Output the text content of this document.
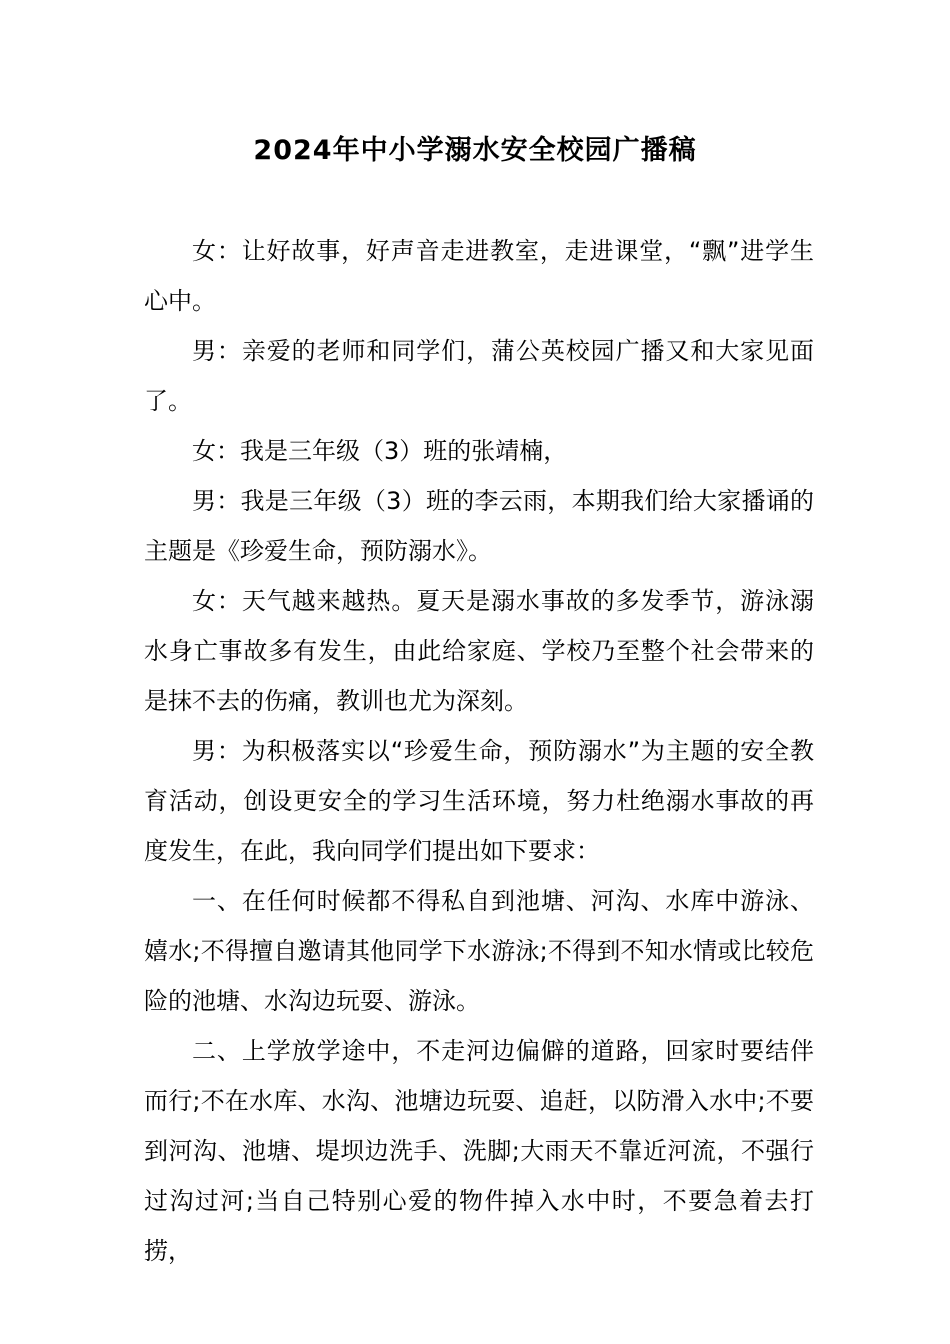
2024年中小学溺水安全校园广播稿

女：让好故事，好声音走进教室，走进课堂，“飘”进学生心中。

男：亲爱的老师和同学们，蒲公英校园广播又和大家见面了。

女：我是三年级（3）班的张靖楠，

男：我是三年级（3）班的李云雨，本期我们给大家播诵的主题是《珍爱生命，预防溺水》。

女：天气越来越热。夏天是溺水事故的多发季节，游泳溺水身亡事故多有发生，由此给家庭、学校乃至整个社会带来的是抹不去的伤痛，教训也尤为深刻。

男：为积极落实以“珍爱生命，预防溺水”为主题的安全教育活动，创设更安全的学习生活环境，努力杜绝溺水事故的再度发生，在此，我向同学们提出如下要求：

一、在任何时候都不得私自到池塘、河沟、水库中游泳、嬉水;不得擅自邀请其他同学下水游泳;不得到不知水情或比较危险的池塘、水沟边玩耍、游泳。

二、上学放学途中，不走河边偏僻的道路，回家时要结伴而行;不在水库、水沟、池塘边玩耍、追赶，以防滑入水中;不要到河沟、池塘、堤坝边洗手、洗脚;大雨天不靠近河流，不强行过沟过河;当自己特别心爱的物件掉入水中时，不要急着去打捞，
